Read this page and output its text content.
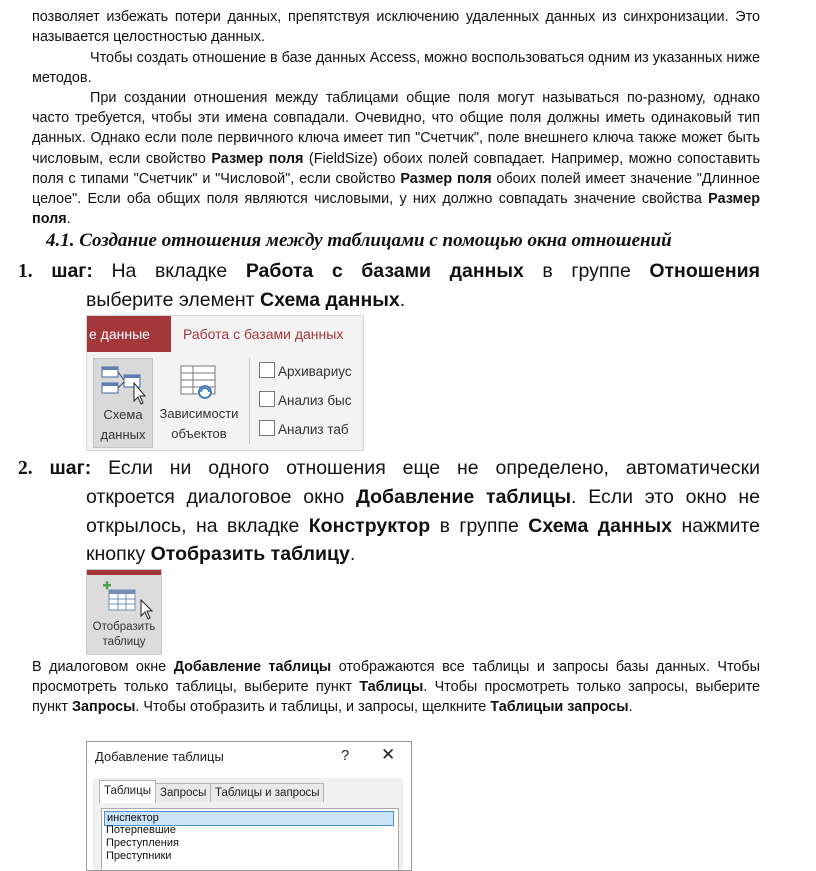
позволяет избежать потери данных, препятствуя исключению удаленных данных из синхронизации. Это называется целостностью данных.

Чтобы создать отношение в базе данных Access, можно воспользоваться одним из указанных ниже методов.

При создании отношения между таблицами общие поля могут называться по-разному, однако часто требуется, чтобы эти имена совпадали. Очевидно, что общие поля должны иметь одинаковый тип данных. Однако если поле первичного ключа имеет тип "Счетчик", поле внешнего ключа также может быть числовым, если свойство Размер поля (FieldSize) обоих полей совпадает. Например, можно сопоставить поля с типами "Счетчик" и "Числовой", если свойство Размер поля обоих полей имеет значение "Длинное целое". Если оба общих поля являются числовыми, у них должно совпадать значение свойства Размер поля.

4.1. Создание отношения между таблицами с помощью окна отношений
1. шаг: На вкладке Работа с базами данных в группе Отношения
выберите элемент Схема данных.
е данные	Работа с базами данных
Схема
данных
Зависимости
объектов
Архивариус
Анализ быс
Анализ таб
2. шаг: Если ни одного отношения еще не определено, автоматически
откроется диалоговое окно Добавление таблицы. Если это окно не открылось, на вкладке Конструктор в группе Схема данных нажмите кнопку Отобразить таблицу.
Отобразить
таблицу

В диалоговом окне Добавление таблицы отображаются все таблицы и запросы базы данных. Чтобы просмотреть только таблицы, выберите пункт Таблицы. Чтобы просмотреть только запросы, выберите пункт Запросы. Чтобы отобразить и таблицы, и запросы, щелкните Таблицыи запросы.

Добавление таблицы	? ✕
Таблицы Запросы Таблицы и запросы
инспектор
Потерпевшие
Преступления
Преступники
